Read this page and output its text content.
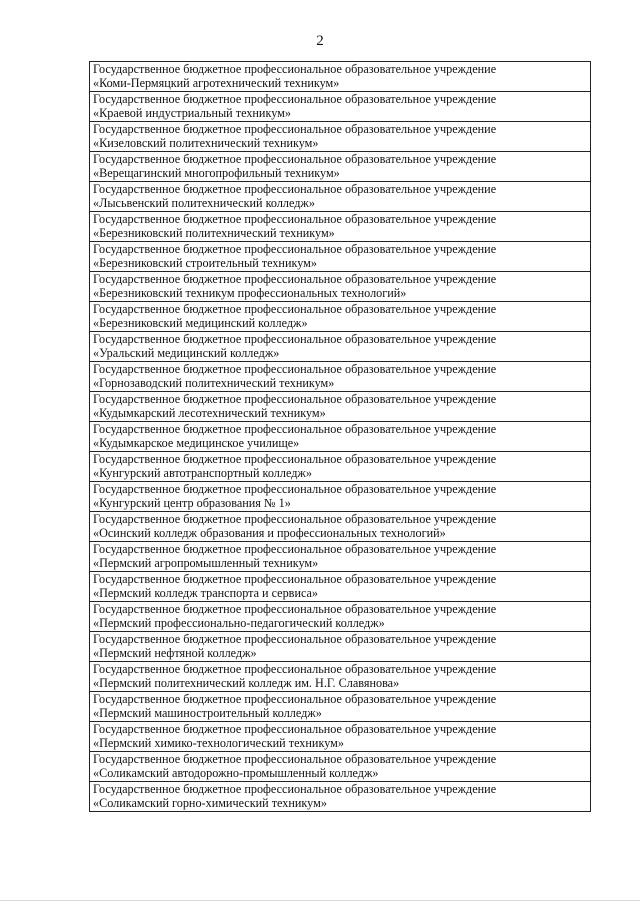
2
Государственное бюджетное профессиональное образовательное учреждение
«Коми-Пермяцкий агротехнический техникум»

Государственное бюджетное профессиональное образовательное учреждение
«Краевой индустриальный техникум»

Государственное бюджетное профессиональное образовательное учреждение
«Кизеловский политехнический техникум»

Государственное бюджетное профессиональное образовательное учреждение
«Верещагинский многопрофильный техникум»

Государственное бюджетное профессиональное образовательное учреждение
«Лысьвенский политехнический колледж»

Государственное бюджетное профессиональное образовательное учреждение
«Березниковский политехнический техникум»

Государственное бюджетное профессиональное образовательное учреждение
«Березниковский строительный техникум»

Государственное бюджетное профессиональное образовательное учреждение
«Березниковский техникум профессиональных технологий»

Государственное бюджетное профессиональное образовательное учреждение
«Березниковский медицинский колледж»

Государственное бюджетное профессиональное образовательное учреждение
«Уральский медицинский колледж»

Государственное бюджетное профессиональное образовательное учреждение
«Горнозаводский политехнический техникум»

Государственное бюджетное профессиональное образовательное учреждение
«Кудымкарский лесотехнический техникум»

Государственное бюджетное профессиональное образовательное учреждение
«Кудымкарское медицинское училище»

Государственное бюджетное профессиональное образовательное учреждение
«Кунгурский автотранспортный колледж»

Государственное бюджетное профессиональное образовательное учреждение
«Кунгурский центр образования № 1»

Государственное бюджетное профессиональное образовательное учреждение
«Осинский колледж образования и профессиональных технологий»

Государственное бюджетное профессиональное образовательное учреждение
«Пермский агропромышленный техникум»

Государственное бюджетное профессиональное образовательное учреждение
«Пермский колледж транспорта и сервиса»

Государственное бюджетное профессиональное образовательное учреждение
«Пермский профессионально-педагогический колледж»

Государственное бюджетное профессиональное образовательное учреждение
«Пермский нефтяной колледж»

Государственное бюджетное профессиональное образовательное учреждение
«Пермский политехнический колледж им. Н.Г. Славянова»

Государственное бюджетное профессиональное образовательное учреждение
«Пермский машиностроительный колледж»

Государственное бюджетное профессиональное образовательное учреждение
«Пермский химико-технологический техникум»

Государственное бюджетное профессиональное образовательное учреждение
«Соликамский автодорожно-промышленный колледж»

Государственное бюджетное профессиональное образовательное учреждение
«Соликамский горно-химический техникум»
